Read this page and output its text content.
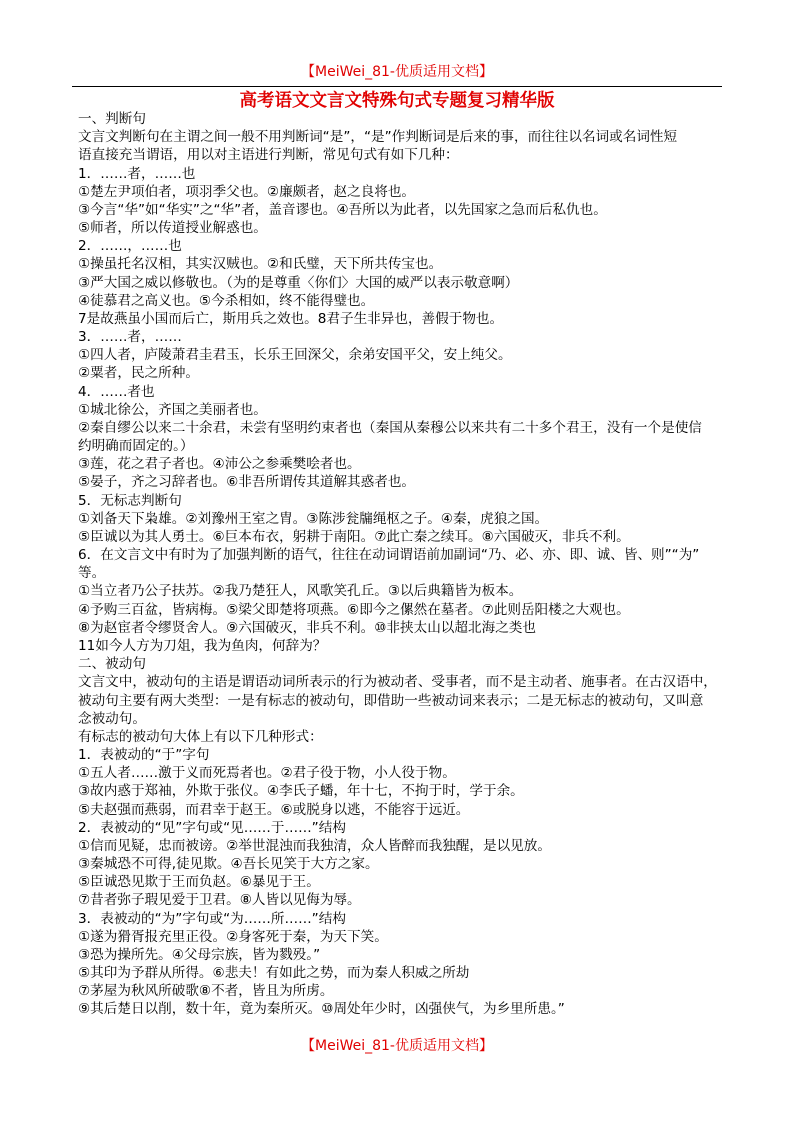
【MeiWei_81-优质适用文档】
高考语文文言文特殊句式专题复习精华版
一、判断句
文言文判断句在主谓之间一般不用判断词“是”，“是”作判断词是后来的事，而往往以名词或名词性短
语直接充当谓语，用以对主语进行判断，常见句式有如下几种：
1．……者，……也
①楚左尹项伯者，项羽季父也。②廉颇者，赵之良将也。
③今言“华”如“华实”之“华”者，盖音谬也。④吾所以为此者，以先国家之急而后私仇也。
⑤师者，所以传道授业解惑也。
2．……，……也
①操虽托名汉相，其实汉贼也。②和氏璧，天下所共传宝也。
③严大国之威以修敬也。（为的是尊重〈你们〉大国的威严以表示敬意啊）
④徒慕君之高义也。⑤今杀相如，终不能得璧也。
7是故燕虽小国而后亡，斯用兵之效也。8君子生非异也，善假于物也。
3．……者，……
①四人者，庐陵萧君圭君玉，长乐王回深父，余弟安国平父，安上纯父。
②粟者，民之所种。
4．……者也
①城北徐公，齐国之美丽者也。
②秦自缪公以来二十余君，未尝有坚明约束者也（秦国从秦穆公以来共有二十多个君王，没有一个是使信
约明确而固定的。）
③莲，花之君子者也。④沛公之参乘樊哙者也。
⑤晏子，齐之习辞者也。⑥非吾所谓传其道解其惑者也。
5．无标志判断句
①刘备天下枭雄。②刘豫州王室之胄。③陈涉瓮牖绳枢之子。④秦，虎狼之国。
⑤臣诚以为其人勇士。⑥巨本布衣，躬耕于南阳。⑦此亡秦之续耳。⑧六国破灭，非兵不利。
6．在文言文中有时为了加强判断的语气，往往在动词谓语前加副词“乃、必、亦、即、诚、皆、则”“为”
等。
①当立者乃公子扶苏。②我乃楚狂人，风歌笑孔丘。③以后典籍皆为板本。
④予购三百盆，皆病梅。⑤梁父即楚将项燕。⑥即今之傫然在墓者。⑦此则岳阳楼之大观也。
⑧为赵宦者令缪贤舍人。⑨六国破灭，非兵不利。⑩非挟太山以超北海之类也
11如今人方为刀俎，我为鱼肉，何辞为？
二、被动句
文言文中，被动句的主语是谓语动词所表示的行为被动者、受事者，而不是主动者、施事者。在古汉语中，
被动句主要有两大类型：一是有标志的被动句，即借助一些被动词来表示；二是无标志的被动句，又叫意
念被动句。
有标志的被动句大体上有以下几种形式：
1．表被动的“于”字句
①五人者……激于义而死焉者也。②君子役于物，小人役于物。
③故内惑于郑袖，外欺于张仪。④李氏子蟠，年十七，不拘于时，学于余。
⑤夫赵强而燕弱，而君幸于赵王。⑥或脱身以逃，不能容于远近。
2．表被动的“见”字句或“见……于……”结构
①信而见疑，忠而被谤。②举世混浊而我独清，众人皆醉而我独醒，是以见放。
③秦城恐不可得,徒见欺。④吾长见笑于大方之家。
⑤臣诚恐见欺于王而负赵。⑥暴见于王。
⑦昔者弥子瑕见爱于卫君。⑧人皆以见侮为辱。
3．表被动的“为”字句或“为……所……”结构
①遂为猾胥报充里正役。②身客死于秦，为天下笑。
③恐为操所先。④父母宗族，皆为戮殁。”
⑤其印为予群从所得。⑥悲夫！有如此之势，而为秦人积威之所劫
⑦茅屋为秋风所破歌⑧不者，皆且为所虏。
⑨其后楚日以削，数十年，竟为秦所灭。⑩周处年少时，凶强侠气，为乡里所患。”
【MeiWei_81-优质适用文档】
